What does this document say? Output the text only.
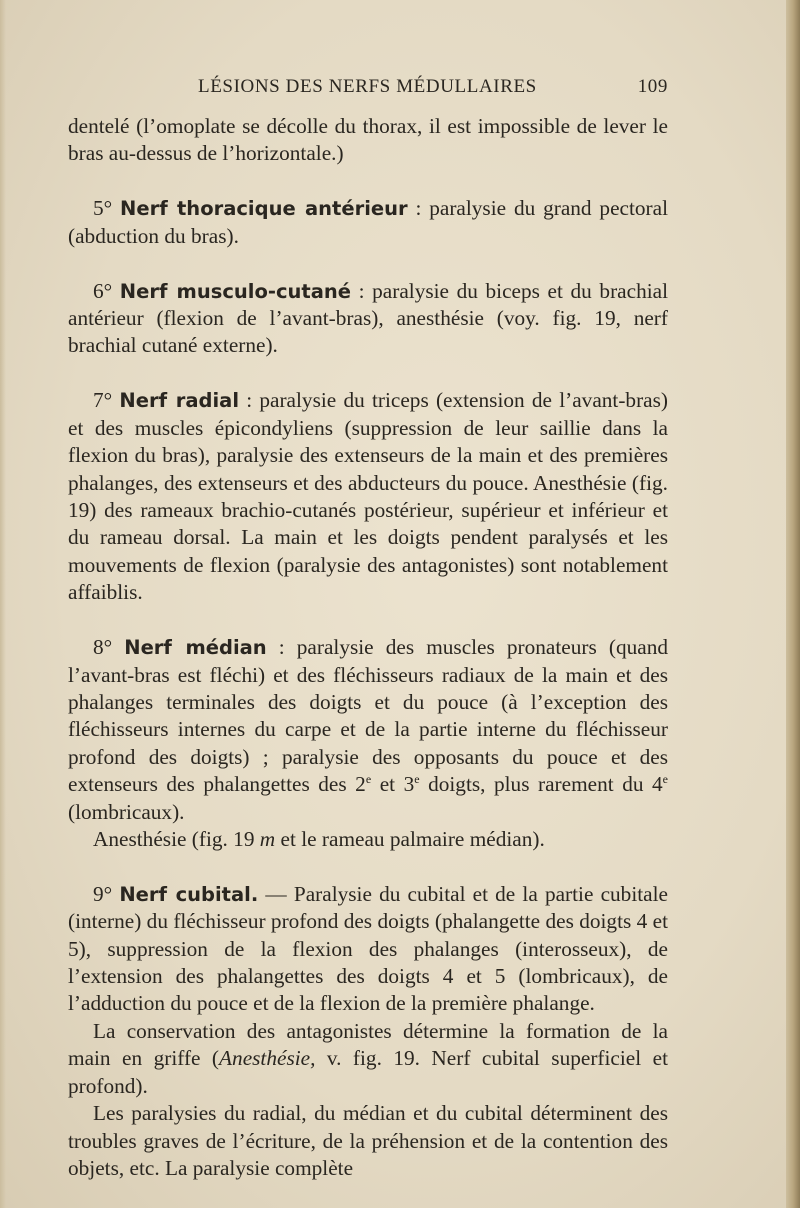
LÉSIONS DES NERFS MÉDULLAIRES	109

dentelé (l’omoplate se décolle du thorax, il est impossible de lever le bras au-dessus de l’horizontale.)

5° Nerf thoracique antérieur : paralysie du grand pectoral (abduction du bras).

6° Nerf musculo-cutané : paralysie du biceps et du brachial antérieur (flexion de l’avant-bras), anesthésie (voy. fig. 19, nerf brachial cutané externe).

7° Nerf radial : paralysie du triceps (extension de l’avant-bras) et des muscles épicondyliens (suppression de leur saillie dans la flexion du bras), paralysie des extenseurs de la main et des premières phalanges, des extenseurs et des abducteurs du pouce. Anesthésie (fig. 19) des rameaux brachio-cutanés postérieur, supérieur et inférieur et du rameau dorsal. La main et les doigts pendent paralysés et les mouvements de flexion (paralysie des antagonistes) sont notablement affaiblis.

8° Nerf médian : paralysie des muscles pronateurs (quand l’avant-bras est fléchi) et des fléchisseurs radiaux de la main et des phalanges terminales des doigts et du pouce (à l’exception des fléchisseurs internes du carpe et de la partie interne du fléchisseur profond des doigts) ; paralysie des opposants du pouce et des extenseurs des phalangettes des 2e et 3e doigts, plus rarement du 4e (lombricaux).

Anesthésie (fig. 19 m et le rameau palmaire médian).

9° Nerf cubital. — Paralysie du cubital et de la partie cubitale (interne) du fléchisseur profond des doigts (phalangette des doigts 4 et 5), suppression de la flexion des phalanges (interosseux), de l’extension des phalangettes des doigts 4 et 5 (lombricaux), de l’adduction du pouce et de la flexion de la première phalange.

La conservation des antagonistes détermine la formation de la main en griffe (Anesthésie, v. fig. 19. Nerf cubital superficiel et profond).

Les paralysies du radial, du médian et du cubital déterminent des troubles graves de l’écriture, de la préhension et de la contention des objets, etc. La paralysie complète
